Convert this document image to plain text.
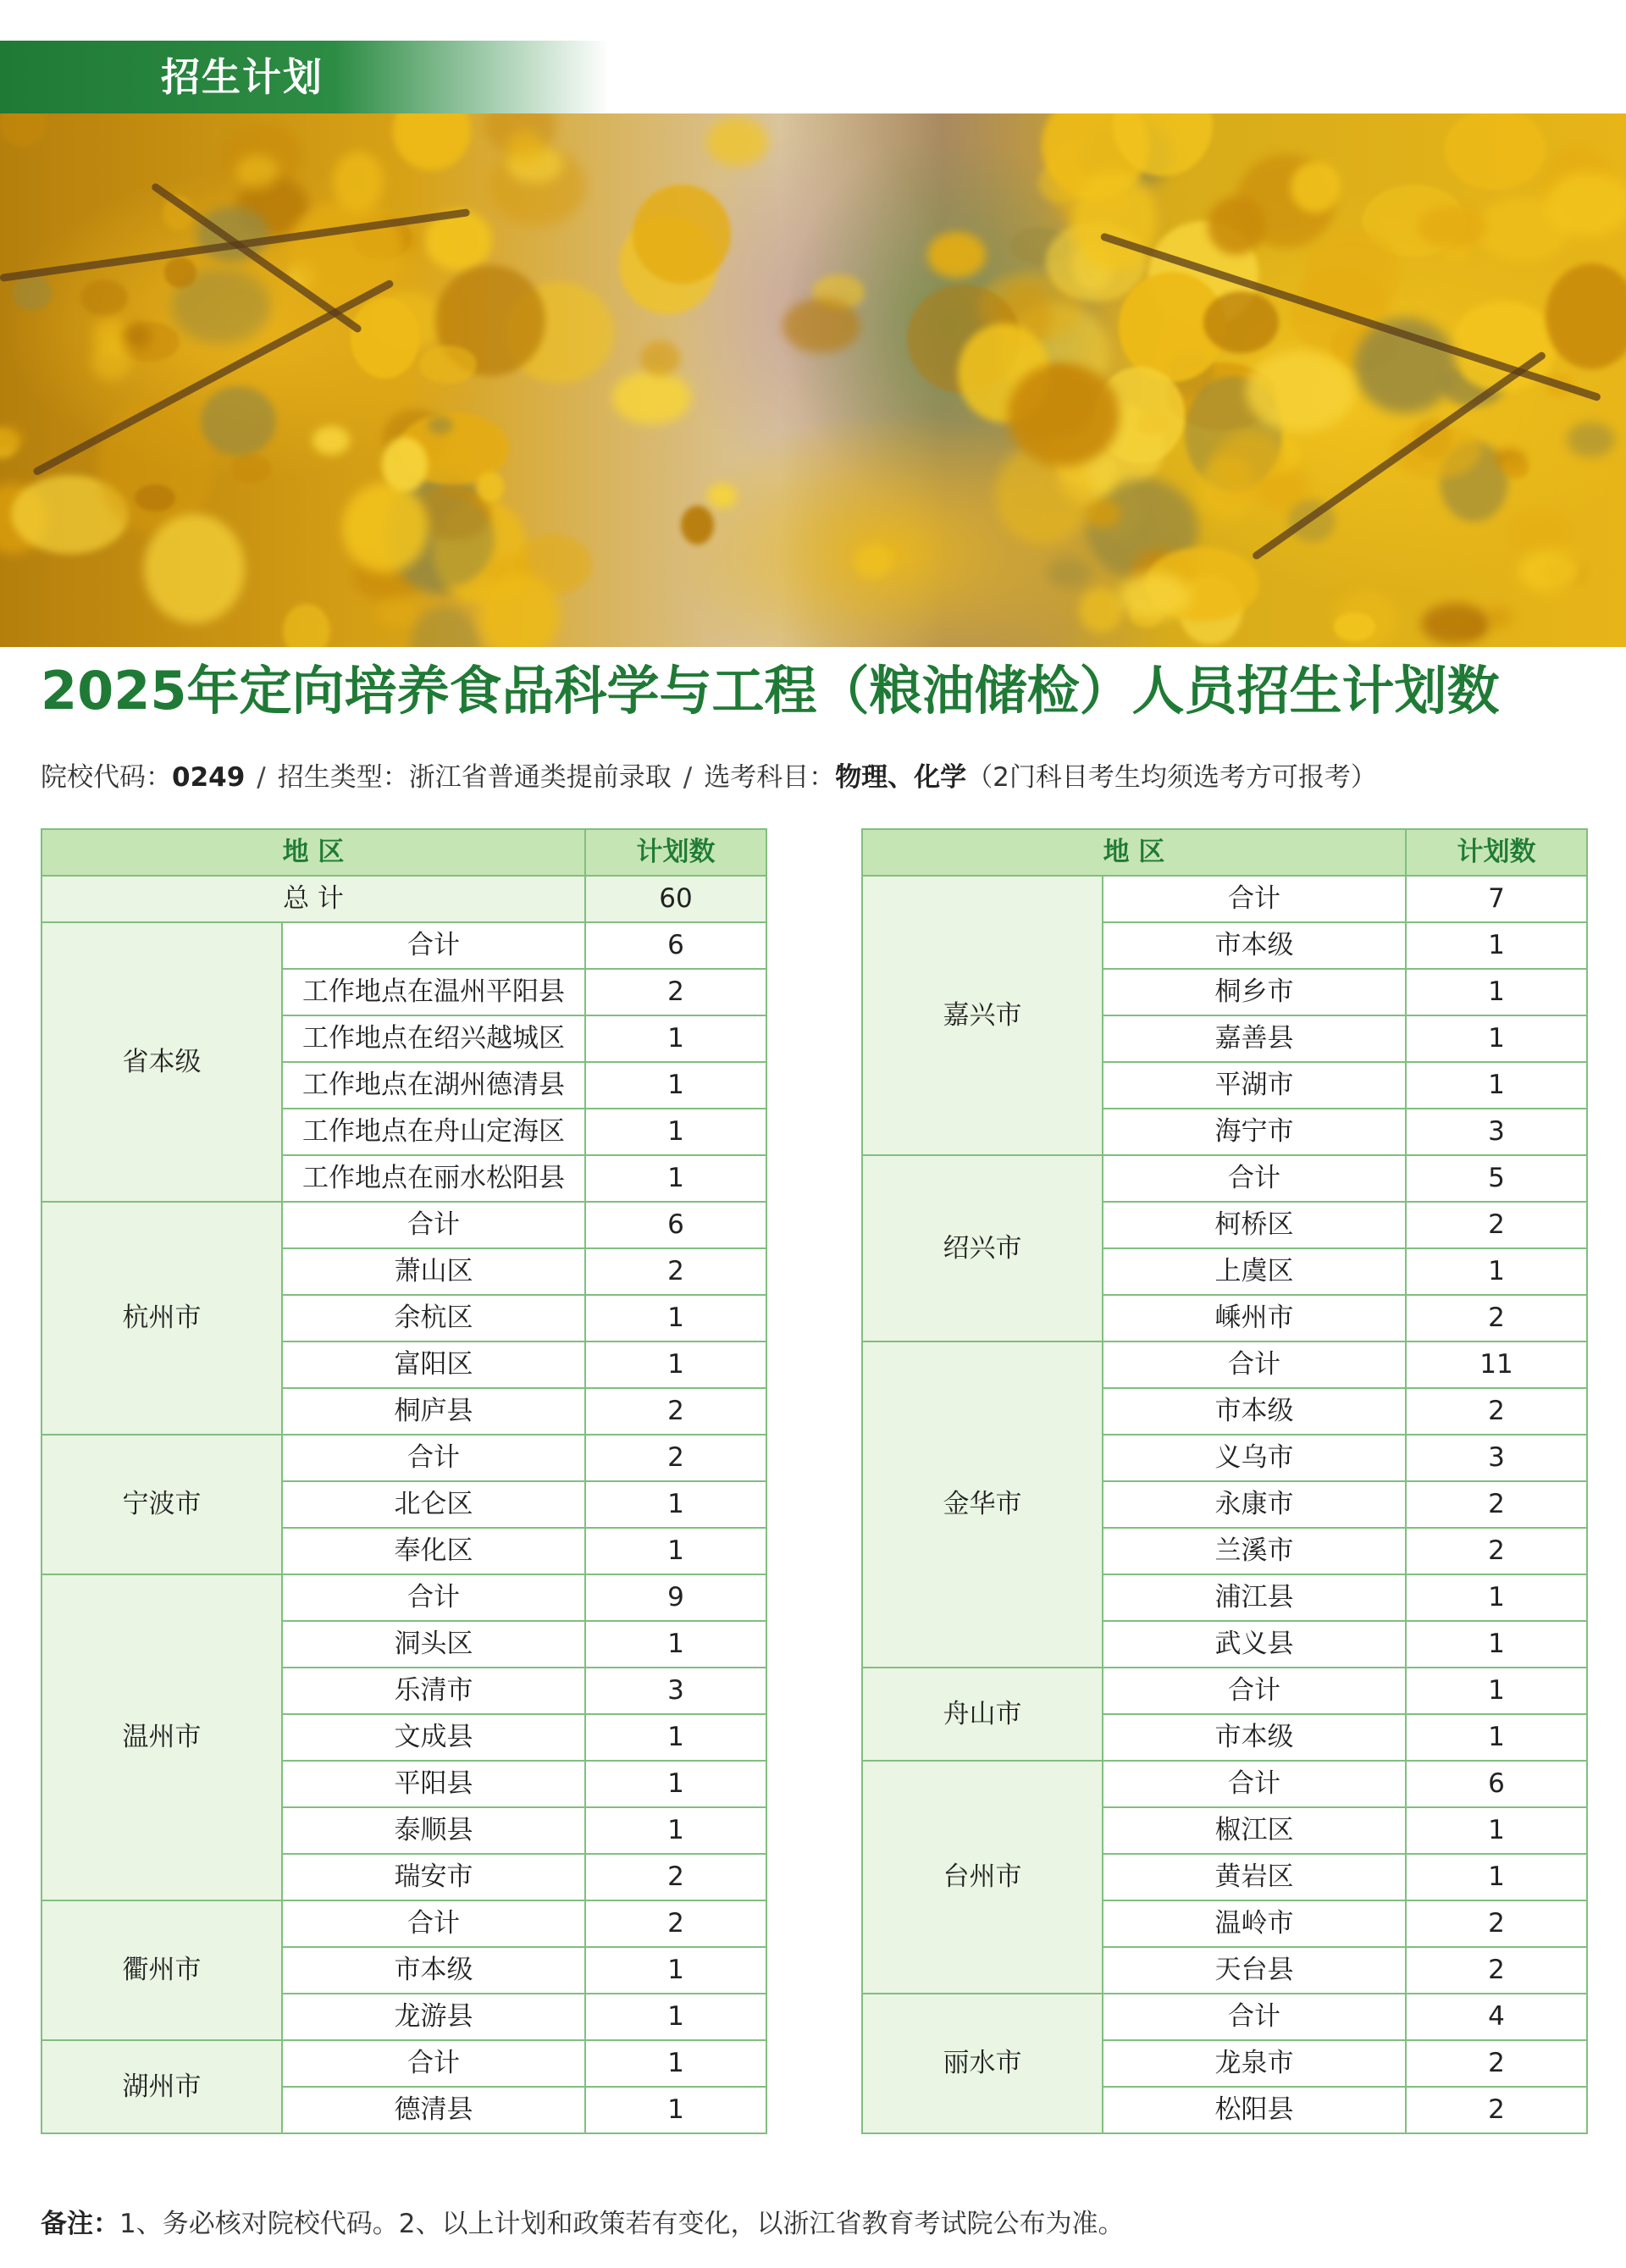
招生计划
2025年定向培养食品科学与工程（粮油储检）人员招生计划数
院校代码：0249 / 招生类型：浙江省普通类提前录取 / 选考科目：物理、化学（2门科目考生均须选考方可报考）
地 区		计划数
总 计		60
省本级	合计	6
	工作地点在温州平阳县	2
	工作地点在绍兴越城区	1
	工作地点在湖州德清县	1
	工作地点在舟山定海区	1
	工作地点在丽水松阳县	1
杭州市	合计	6
	萧山区	2
	余杭区	1
	富阳区	1
	桐庐县	2
宁波市	合计	2
	北仑区	1
	奉化区	1
温州市	合计	9
	洞头区	1
	乐清市	3
	文成县	1
	平阳县	1
	泰顺县	1
	瑞安市	2
衢州市	合计	2
	市本级	1
	龙游县	1
湖州市	合计	1
	德清县	1
地 区		计划数
嘉兴市	合计	7
	市本级	1
	桐乡市	1
	嘉善县	1
	平湖市	1
	海宁市	3
绍兴市	合计	5
	柯桥区	2
	上虞区	1
	嵊州市	2
金华市	合计	11
	市本级	2
	义乌市	3
	永康市	2
	兰溪市	2
	浦江县	1
	武义县	1
舟山市	合计	1
	市本级	1
台州市	合计	6
	椒江区	1
	黄岩区	1
	温岭市	2
	天台县	2
丽水市	合计	4
	龙泉市	2
	松阳县	2
备注：1、务必核对院校代码。2、以上计划和政策若有变化，以浙江省教育考试院公布为准。
